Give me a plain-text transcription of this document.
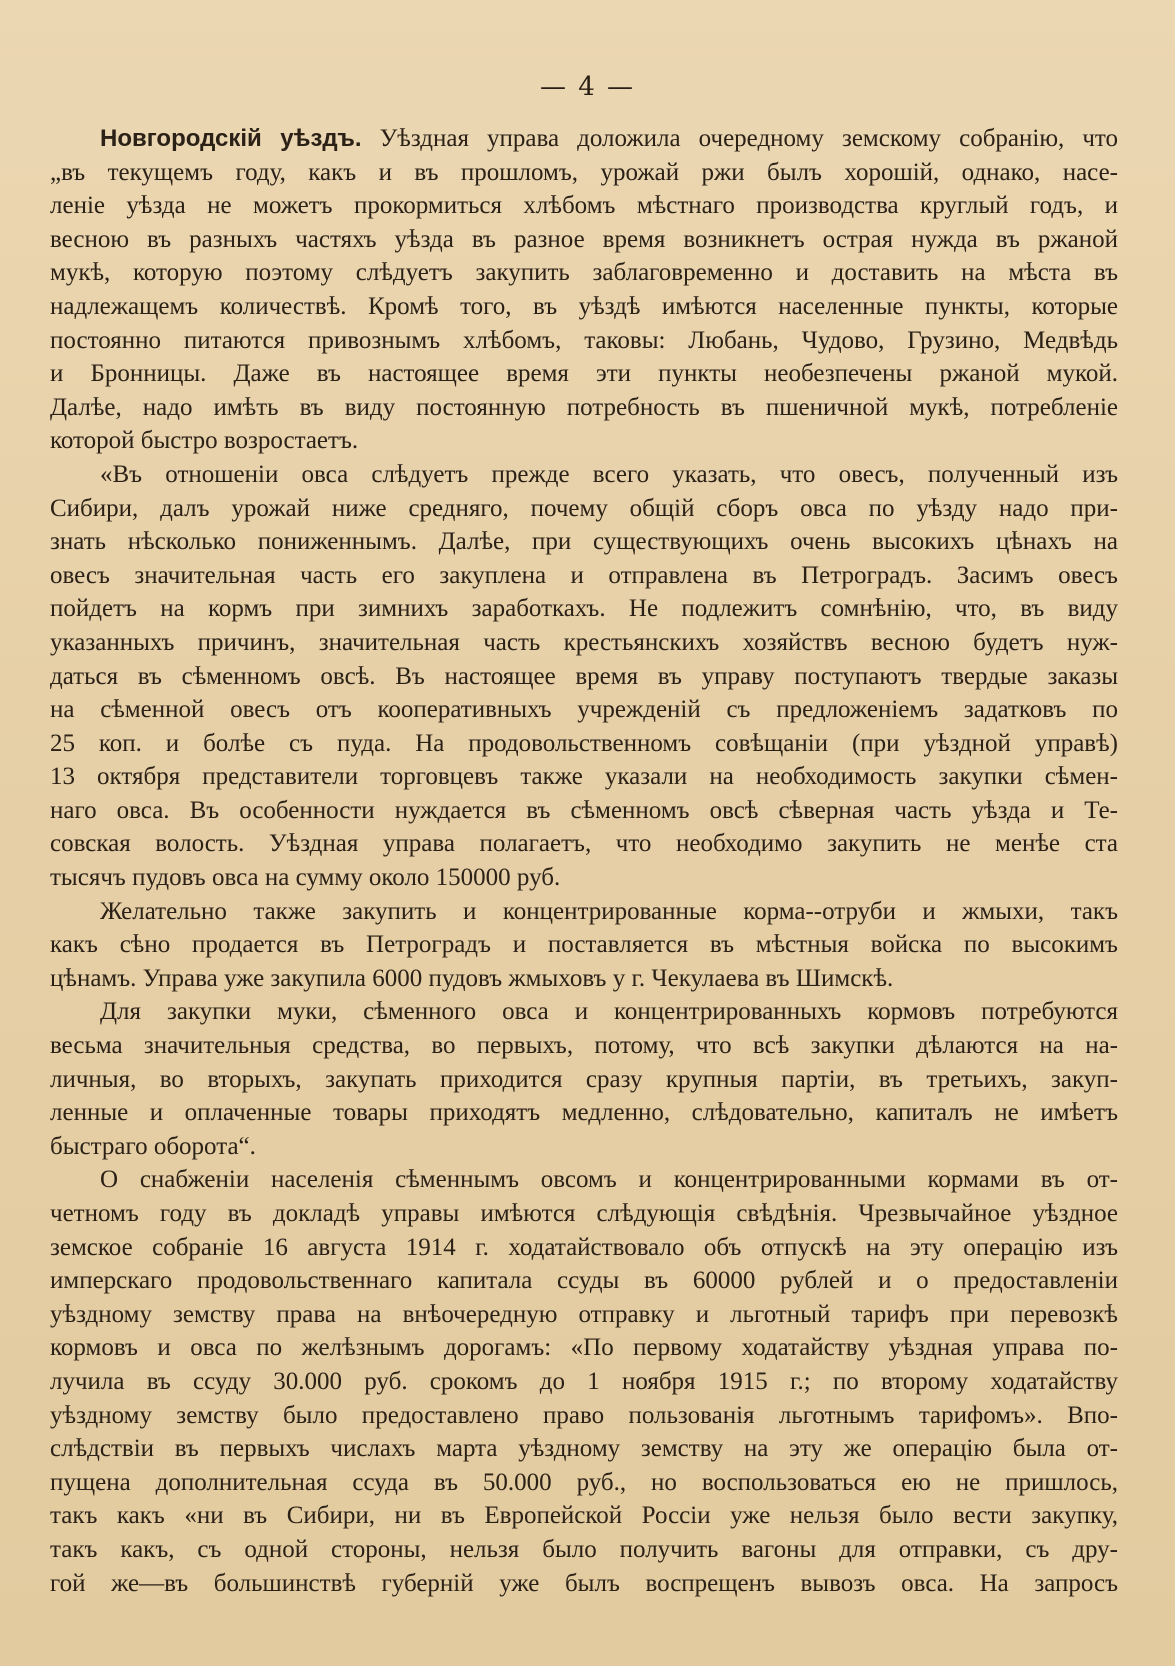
— 4 —
Новгородскій уѣздъ. Уѣздная управа доложила очередному земскому собранію, что
„въ текущемъ году, какъ и въ прошломъ, урожай ржи былъ хорошій, однако, насе-
леніе уѣзда не можетъ прокормиться хлѣбомъ мѣстнаго производства круглый годъ, и
весною въ разныхъ частяхъ уѣзда въ разное время возникнетъ острая нужда въ ржаной
мукѣ, которую поэтому слѣдуетъ закупить заблаговременно и доставить на мѣста въ
надлежащемъ количествѣ. Кромѣ того, въ уѣздѣ имѣются населенные пункты, которые
постоянно питаются привознымъ хлѣбомъ, таковы: Любань, Чудово, Грузино, Медвѣдь
и Бронницы. Даже въ настоящее время эти пункты необезпечены ржаной мукой.
Далѣе, надо имѣть въ виду постоянную потребность въ пшеничной мукѣ, потребленіе
которой быстро возростаетъ.
«Въ отношеніи овса слѣдуетъ прежде всего указать, что овесъ, полученный изъ
Сибири, далъ урожай ниже средняго, почему общій сборъ овса по уѣзду надо при-
знать нѣсколько пониженнымъ. Далѣе, при существующихъ очень высокихъ цѣнахъ на
овесъ значительная часть его закуплена и отправлена въ Петроградъ. Засимъ овесъ
пойдетъ на кормъ при зимнихъ заработкахъ. Не подлежитъ сомнѣнію, что, въ виду
указанныхъ причинъ, значительная часть крестьянскихъ хозяйствъ весною будетъ нуж-
даться въ сѣменномъ овсѣ. Въ настоящее время въ управу поступаютъ твердые заказы
на сѣменной овесъ отъ кооперативныхъ учрежденій съ предложеніемъ задатковъ по
25 коп. и болѣе съ пуда. На продовольственномъ совѣщаніи (при уѣздной управѣ)
13 октября представители торговцевъ также указали на необходимость закупки сѣмен-
наго овса. Въ особенности нуждается въ сѣменномъ овсѣ сѣверная часть уѣзда и Те-
совская волость. Уѣздная управа полагаетъ, что необходимо закупить не менѣе ста
тысячъ пудовъ овса на сумму около 150000 руб.
Желательно также закупить и концентрированные корма--отруби и жмыхи, такъ
какъ сѣно продается въ Петроградъ и поставляется въ мѣстныя войска по высокимъ
цѣнамъ. Управа уже закупила 6000 пудовъ жмыховъ у г. Чекулаева въ Шимскѣ.
Для закупки муки, сѣменного овса и концентрированныхъ кормовъ потребуются
весьма значительныя средства, во первыхъ, потому, что всѣ закупки дѣлаются на на-
личныя, во вторыхъ, закупать приходится сразу крупныя партіи, въ третьихъ, закуп-
ленные и оплаченные товары приходятъ медленно, слѣдовательно, капиталъ не имѣетъ
быстраго оборота“.
О снабженіи населенія сѣменнымъ овсомъ и концентрированными кормами въ от-
четномъ году въ докладѣ управы имѣются слѣдующія свѣдѣнія. Чрезвычайное уѣздное
земское собраніе 16 августа 1914 г. ходатайствовало объ отпускѣ на эту операцію изъ
имперскаго продовольственнаго капитала ссуды въ 60000 рублей и о предоставленіи
уѣздному земству права на внѣочередную отправку и льготный тарифъ при перевозкѣ
кормовъ и овса по желѣзнымъ дорогамъ: «По первому ходатайству уѣздная управа по-
лучила въ ссуду 30.000 руб. срокомъ до 1 ноября 1915 г.; по второму ходатайству
уѣздному земству было предоставлено право пользованія льготнымъ тарифомъ». Впо-
слѣдствіи въ первыхъ числахъ марта уѣздному земству на эту же операцію была от-
пущена дополнительная ссуда въ 50.000 руб., но воспользоваться ею не пришлось,
такъ какъ «ни въ Сибири, ни въ Европейской Россіи уже нельзя было вести закупку,
такъ какъ, съ одной стороны, нельзя было получить вагоны для отправки, съ дру-
гой же—въ большинствѣ губерній уже былъ воспрещенъ вывозъ овса. На запросъ
